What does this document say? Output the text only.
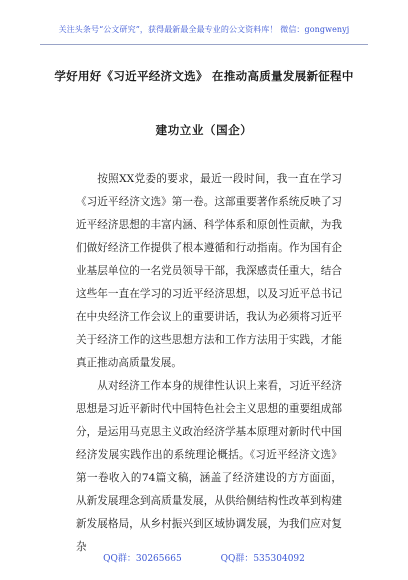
关注头条号“公文研究”，获得最新最全最专业的公文资料库！ 微信：gongwenyj
学好用好《习近平经济文选》 在推动高质量发展新征程中
建功立业（国企）

按照XX党委的要求，最近一段时间，我一直在学习《习近平经济文选》第一卷。这部重要著作系统反映了习近平经济思想的丰富内涵、科学体系和原创性贡献，为我们做好经济工作提供了根本遵循和行动指南。作为国有企业基层单位的一名党员领导干部，我深感责任重大，结合这些年一直在学习的习近平经济思想，以及习近平总书记在中央经济工作会议上的重要讲话，我认为必须将习近平关于经济工作的这些思想方法和工作方法用于实践，才能真正推动高质量发展。

从对经济工作本身的规律性认识上来看，习近平经济思想是习近平新时代中国特色社会主义思想的重要组成部分，是运用马克思主义政治经济学基本原理对新时代中国经济发展实践作出的系统理论概括。《习近平经济文选》第一卷收入的74篇文稿，涵盖了经济建设的方方面面，从新发展理念到高质量发展，从供给侧结构性改革到构建新发展格局，从乡村振兴到区域协调发展，为我们应对复杂

QQ群：30265665	QQ群：535304092
